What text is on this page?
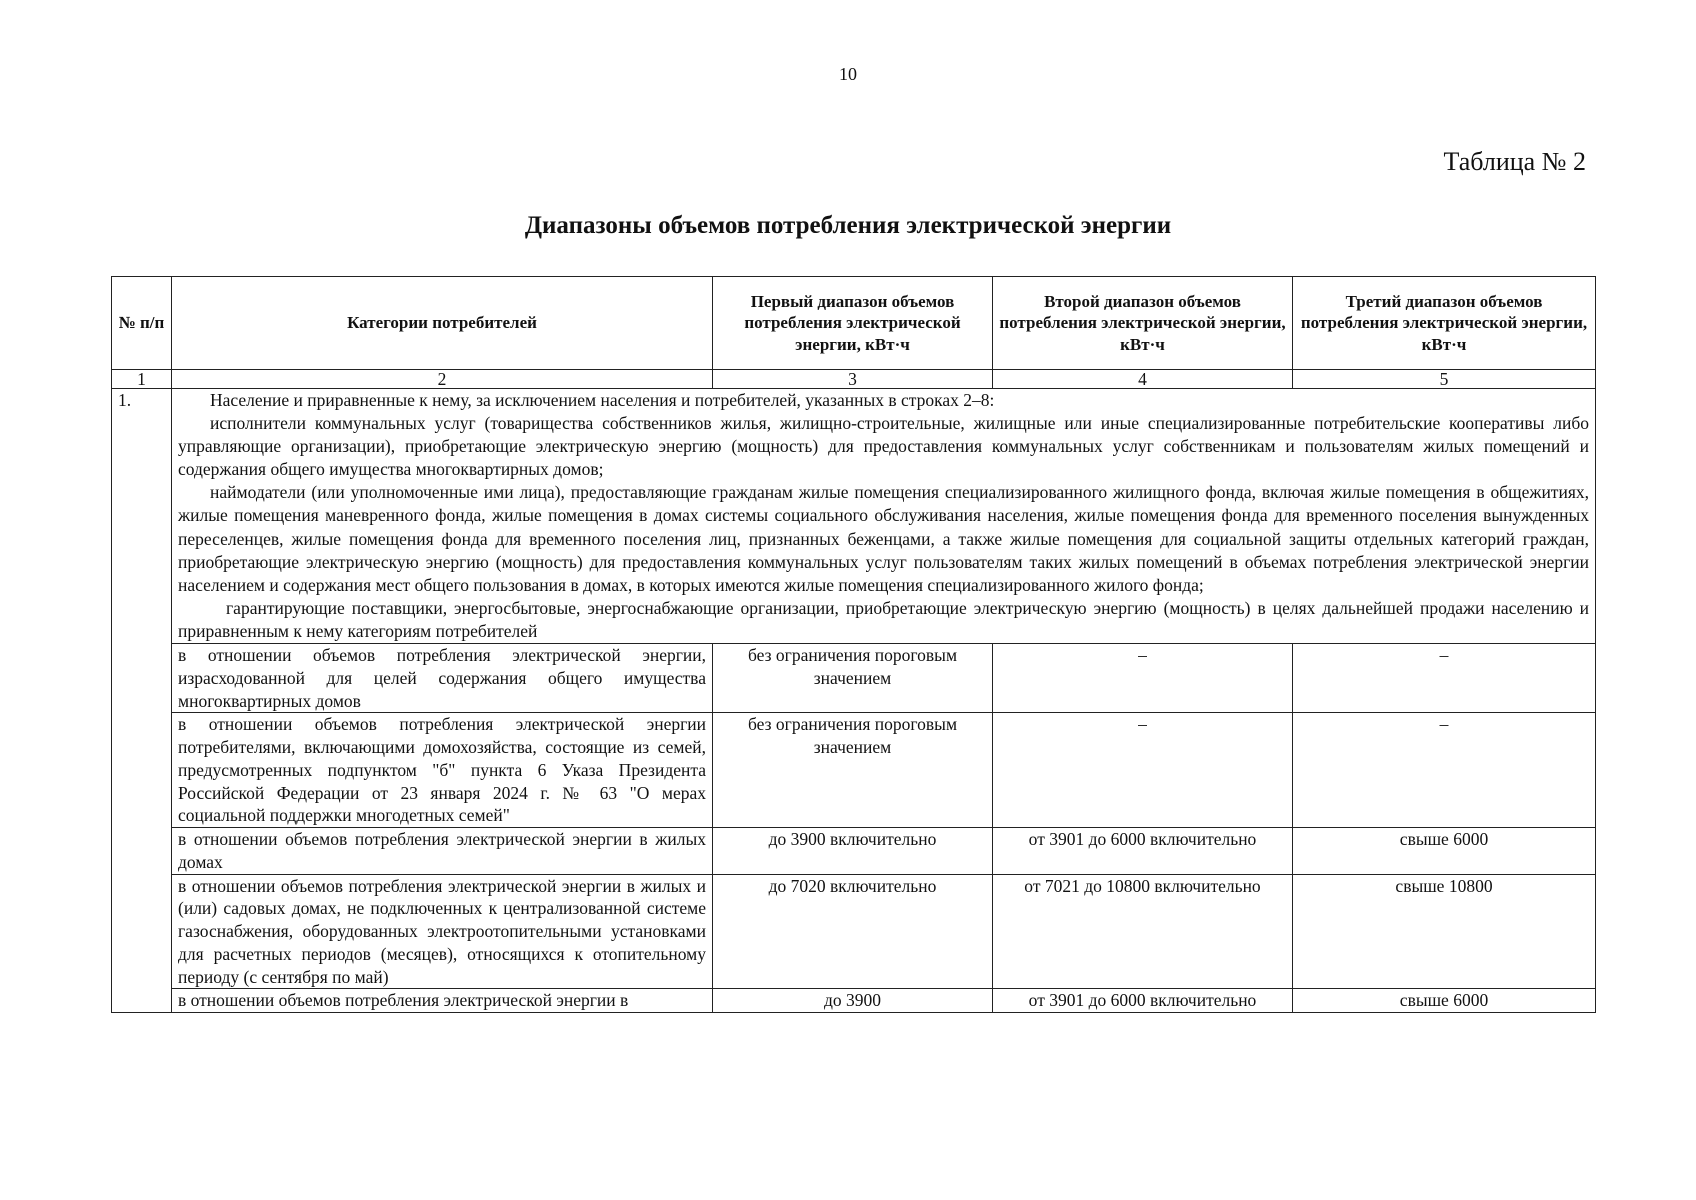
10
Таблица № 2
Диапазоны объемов потребления электрической энергии
№ п/п	Категории потребителей	Первый диапазон объемов потребления электрической энергии, кВт·ч	Второй диапазон объемов потребления электрической энергии, кВт·ч	Третий диапазон объемов потребления электрической энергии, кВт·ч
1	2	3	4	5
1.	Население и приравненные к нему, за исключением населения и потребителей, указанных в строках 2–8:

исполнители коммунальных услуг (товарищества собственников жилья, жилищно-строительные, жилищные или иные специализированные потребительские кооперативы либо управляющие организации), приобретающие электрическую энергию (мощность) для предоставления коммунальных услуг собственникам и пользователям жилых помещений и содержания общего имущества многоквартирных домов;

наймодатели (или уполномоченные ими лица), предоставляющие гражданам жилые помещения специализированного жилищного фонда, включая жилые помещения в общежитиях, жилые помещения маневренного фонда, жилые помещения в домах системы социального обслуживания населения, жилые помещения фонда для временного поселения вынужденных переселенцев, жилые помещения фонда для временного поселения лиц, признанных беженцами, а также жилые помещения для социальной защиты отдельных категорий граждан, приобретающие электрическую энергию (мощность) для предоставления коммунальных услуг пользователям таких жилых помещений в объемах потребления электрической энергии населением и содержания мест общего пользования в домах, в которых имеются жилые помещения специализированного жилого фонда;

гарантирующие поставщики, энергосбытовые, энергоснабжающие организации, приобретающие электрическую энергию (мощность) в целях дальнейшей продажи населению и приравненным к нему категориям потребителей			

	в отношении объемов потребления электрической энергии, израсходованной для целей содержания общего имущества многоквартирных домов	без ограничения пороговым значением	–	–
	в отношении объемов потребления электрической энергии потребителями, включающими домохозяйства, состоящие из семей, предусмотренных подпунктом "б" пункта 6 Указа Президента Российской Федерации от 23 января 2024 г. № 63 "О мерах социальной поддержки многодетных семей"	без ограничения пороговым значением	–	–
	в отношении объемов потребления электрической энергии в жилых домах	до 3900 включительно	от 3901 до 6000 включительно	свыше 6000
	в отношении объемов потребления электрической энергии в жилых и (или) садовых домах, не подключенных к централизованной системе газоснабжения, оборудованных электроотопительными установками для расчетных периодов (месяцев), относящихся к отопительному периоду (с сентября по май)	до 7020 включительно	от 7021 до 10800 включительно	свыше 10800
	в отношении объемов потребления электрической энергии в	до 3900	от 3901 до 6000 включительно	свыше 6000
